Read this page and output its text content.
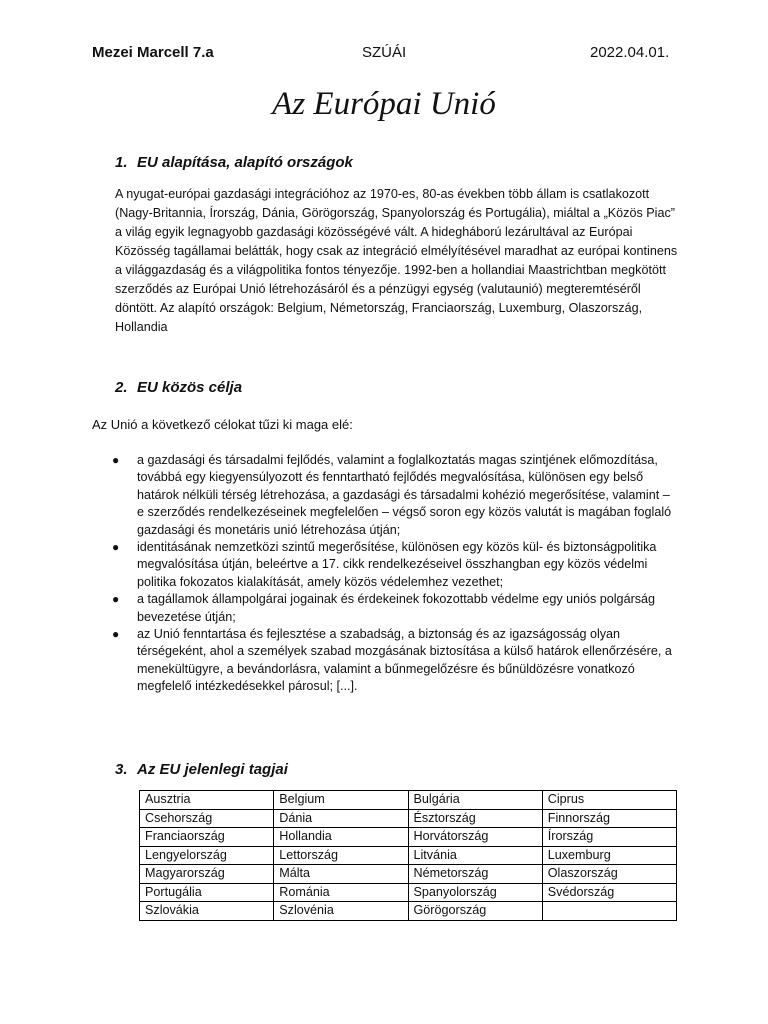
Mezei Marcell 7.a	SZÚÁI	2022.04.01.
Az Európai Unió
1. EU alapítása, alapító országok

A nyugat-európai gazdasági integrációhoz az 1970-es, 80-as években több állam is csatlakozott (Nagy-Britannia, Írország, Dánia, Görögország, Spanyolország és Portugália), miáltal a „Közös Piac” a világ egyik legnagyobb gazdasági közösségévé vált. A hidegháború lezárultával az Európai Közösség tagállamai belátták, hogy csak az integráció elmélyítésével maradhat az európai kontinens a világgazdaság és a világpolitika fontos tényezője. 1992-ben a hollandiai Maastrichtban megkötött szerződés az Európai Unió létrehozásáról és a pénzügyi egység (valutaunió) megteremtéséről döntött. Az alapító országok: Belgium, Németország, Franciaország, Luxemburg, Olaszország, Hollandia

2. EU közös célja
Az Unió a következő célokat tűzi ki maga elé:
● a gazdasági és társadalmi fejlődés, valamint a foglalkoztatás magas szintjének előmozdítása, továbbá egy kiegyensúlyozott és fenntartható fejlődés megvalósítása, különösen egy belső határok nélküli térség létrehozása, a gazdasági és társadalmi kohézió megerősítése, valamint – e szerződés rendelkezéseinek megfelelően – végső soron egy közös valutát is magában foglaló gazdasági és monetáris unió létrehozása útján;
● identitásának nemzetközi szintű megerősítése, különösen egy közös kül- és biztonságpolitika megvalósítása útján, beleértve a 17. cikk rendelkezéseivel összhangban egy közös védelmi politika fokozatos kialakítását, amely közös védelemhez vezethet;
● a tagállamok állampolgárai jogainak és érdekeinek fokozottabb védelme egy uniós polgárság bevezetése útján;
● az Unió fenntartása és fejlesztése a szabadság, a biztonság és az igazságosság olyan térségeként, ahol a személyek szabad mozgásának biztosítása a külső határok ellenőrzésére, a menekültügyre, a bevándorlásra, valamint a bűnmegelőzésre és bűnüldözésre vonatkozó megfelelő intézkedésekkel párosul; [...].
3. Az EU jelenlegi tagjai
Ausztria	Belgium	Bulgária	Ciprus
Csehország	Dánia	Észtország	Finnország
Franciaország	Hollandia	Horvátország	Írország
Lengyelország	Lettország	Litvánia	Luxemburg
Magyarország	Málta	Németország	Olaszország
Portugália	Románia	Spanyolország	Svédország
Szlovákia	Szlovénia	Görögország	
